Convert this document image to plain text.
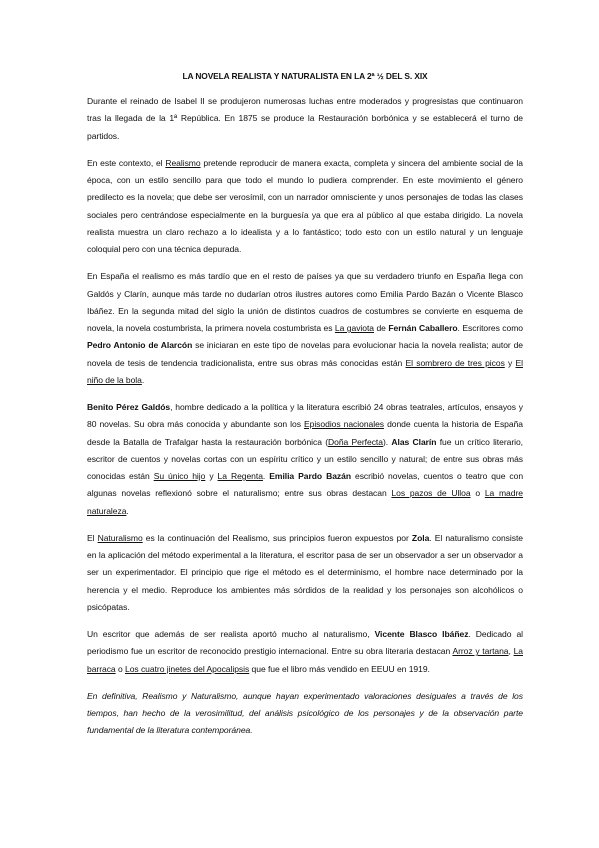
LA NOVELA REALISTA Y NATURALISTA EN LA 2ª ½ DEL S. XIX

Durante el reinado de Isabel II se produjeron numerosas luchas entre moderados y progresistas que continuaron tras la llegada de la 1ª República. En 1875 se produce la Restauración borbónica y se establecerá el turno de partidos.

En este contexto, el Realismo pretende reproducir de manera exacta, completa y sincera del ambiente social de la época, con un estilo sencillo para que todo el mundo lo pudiera comprender. En este movimiento el género predilecto es la novela; que debe ser verosímil, con un narrador omnisciente y unos personajes de todas las clases sociales pero centrándose especialmente en la burguesía ya que era al público al que estaba dirigido. La novela realista muestra un claro rechazo a lo idealista y a lo fantástico; todo esto con un estilo natural y un lenguaje coloquial pero con una técnica depurada.

En España el realismo es más tardío que en el resto de países ya que su verdadero triunfo en España llega con Galdós y Clarín, aunque más tarde no dudarían otros ilustres autores como Emilia Pardo Bazán o Vicente Blasco Ibáñez. En la segunda mitad del siglo la unión de distintos cuadros de costumbres se convierte en esquema de novela, la novela costumbrista, la primera novela costumbrista es La gaviota de Fernán Caballero. Escritores como Pedro Antonio de Alarcón se iniciaran en este tipo de novelas para evolucionar hacia la novela realista; autor de novela de tesis de tendencia tradicionalista, entre sus obras más conocidas están El sombrero de tres picos y El niño de la bola.

Benito Pérez Galdós, hombre dedicado a la política y la literatura escribió 24 obras teatrales, artículos, ensayos y 80 novelas. Su obra más conocida y abundante son los Episodios nacionales donde cuenta la historia de España desde la Batalla de Trafalgar hasta la restauración borbónica (Doña Perfecta). Alas Clarín fue un crítico literario, escritor de cuentos y novelas cortas con un espíritu crítico y un estilo sencillo y natural; de entre sus obras más conocidas están Su único hijo y La Regenta. Emilia Pardo Bazán escribió novelas, cuentos o teatro que con algunas novelas reflexionó sobre el naturalismo; entre sus obras destacan Los pazos de Ulloa o La madre naturaleza.

El Naturalismo es la continuación del Realismo, sus principios fueron expuestos por Zola. El naturalismo consiste en la aplicación del método experimental a la literatura, el escritor pasa de ser un observador a ser un observador a ser un experimentador. El principio que rige el método es el determinismo, el hombre nace determinado por la herencia y el medio. Reproduce los ambientes más sórdidos de la realidad y los personajes son alcohólicos o psicópatas.

Un escritor que además de ser realista aportó mucho al naturalismo, Vicente Blasco Ibáñez. Dedicado al periodismo fue un escritor de reconocido prestigio internacional. Entre su obra literaria destacan Arroz y tartana, La barraca o Los cuatro jinetes del Apocalipsis que fue el libro más vendido en EEUU en 1919.

En definitiva, Realismo y Naturalismo, aunque hayan experimentado valoraciones desiguales a través de los tiempos, han hecho de la verosimilitud, del análisis psicológico de los personajes y de la observación parte fundamental de la literatura contemporánea.
